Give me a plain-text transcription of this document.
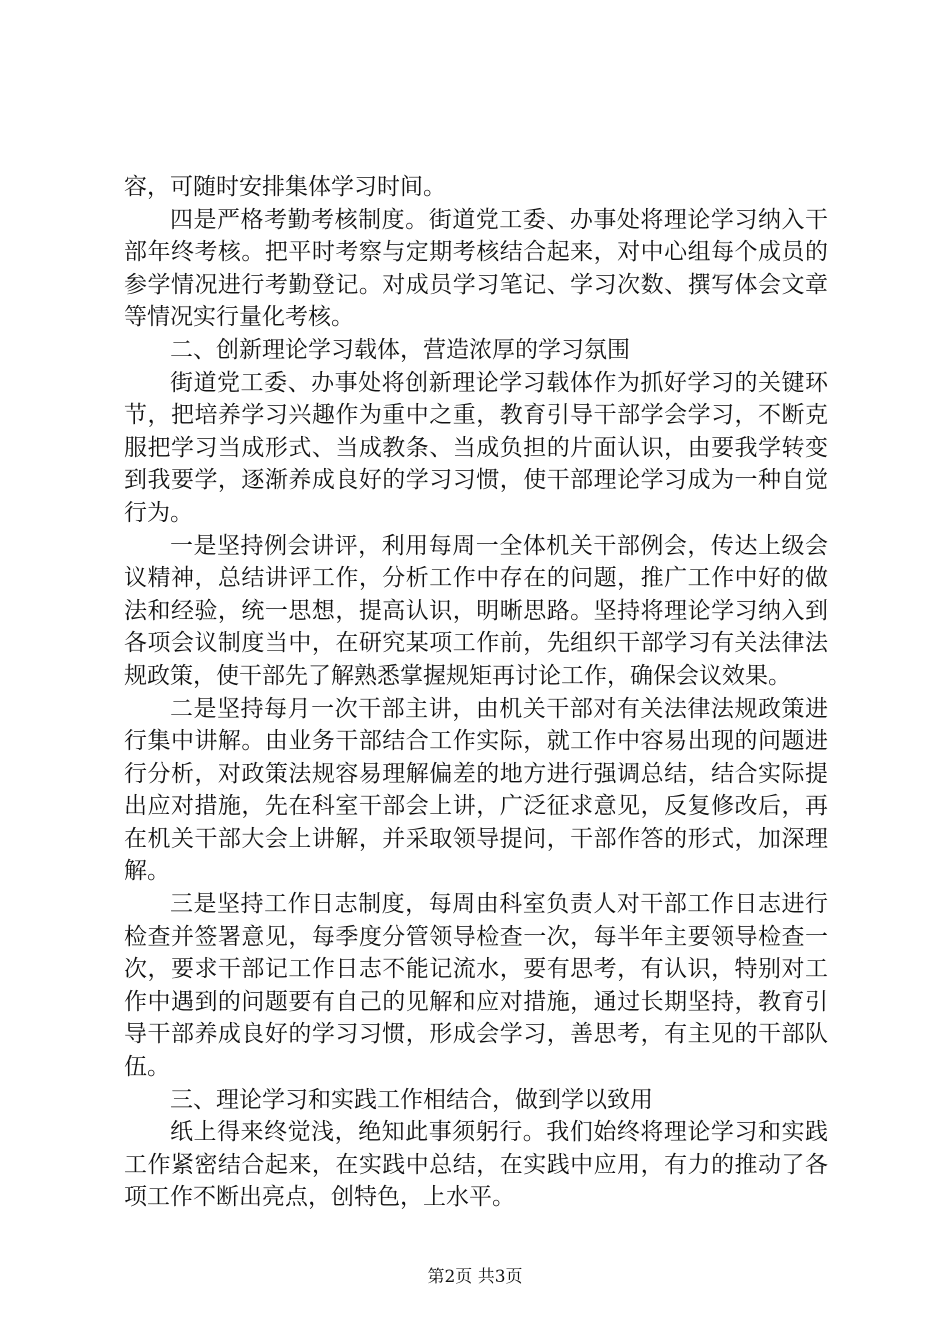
容，可随时安排集体学习时间。

四是严格考勤考核制度。街道党工委、办事处将理论学习纳入干部年终考核。把平时考察与定期考核结合起来，对中心组每个成员的参学情况进行考勤登记。对成员学习笔记、学习次数、撰写体会文章等情况实行量化考核。

二、创新理论学习载体，营造浓厚的学习氛围

街道党工委、办事处将创新理论学习载体作为抓好学习的关键环节，把培养学习兴趣作为重中之重，教育引导干部学会学习，不断克服把学习当成形式、当成教条、当成负担的片面认识，由要我学转变到我要学，逐渐养成良好的学习习惯，使干部理论学习成为一种自觉行为。

一是坚持例会讲评，利用每周一全体机关干部例会，传达上级会议精神，总结讲评工作，分析工作中存在的问题，推广工作中好的做法和经验，统一思想，提高认识，明晰思路。坚持将理论学习纳入到各项会议制度当中，在研究某项工作前，先组织干部学习有关法律法规政策，使干部先了解熟悉掌握规矩再讨论工作，确保会议效果。

二是坚持每月一次干部主讲，由机关干部对有关法律法规政策进行集中讲解。由业务干部结合工作实际，就工作中容易出现的问题进行分析，对政策法规容易理解偏差的地方进行强调总结，结合实际提出应对措施，先在科室干部会上讲，广泛征求意见，反复修改后，再在机关干部大会上讲解，并采取领导提问，干部作答的形式，加深理解。

三是坚持工作日志制度，每周由科室负责人对干部工作日志进行检查并签署意见，每季度分管领导检查一次，每半年主要领导检查一次，要求干部记工作日志不能记流水，要有思考，有认识，特别对工作中遇到的问题要有自己的见解和应对措施，通过长期坚持，教育引导干部养成良好的学习习惯，形成会学习，善思考，有主见的干部队伍。

三、理论学习和实践工作相结合，做到学以致用

纸上得来终觉浅，绝知此事须躬行。我们始终将理论学习和实践工作紧密结合起来，在实践中总结，在实践中应用，有力的推动了各项工作不断出亮点，创特色，上水平。

第2页 共3页
